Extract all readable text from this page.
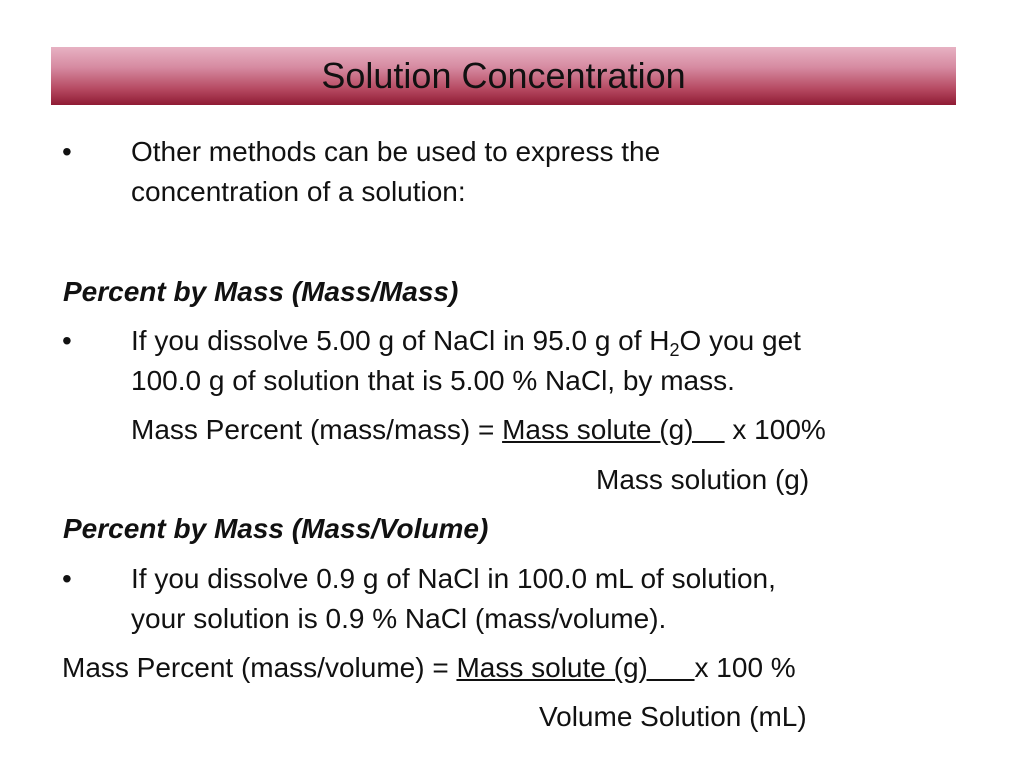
Solution Concentration
• Other methods can be used to express the
concentration of a solution:
Percent by Mass (Mass/Mass)
• If you dissolve 5.00 g of NaCl in 95.0 g of $H_2O$ you get
100.0 g of solution that is 5.00 % NaCl, by mass.
Mass Percent (mass/mass) = Mass solute (g)     x 100%
Mass solution (g)
Percent by Mass (Mass/Volume)
• If you dissolve 0.9 g of NaCl in 100.0 mL of solution,
your solution is 0.9 % NaCl (mass/volume).
Mass Percent (mass/volume) = Mass solute (g)      x 100 %
Volume Solution (mL)
